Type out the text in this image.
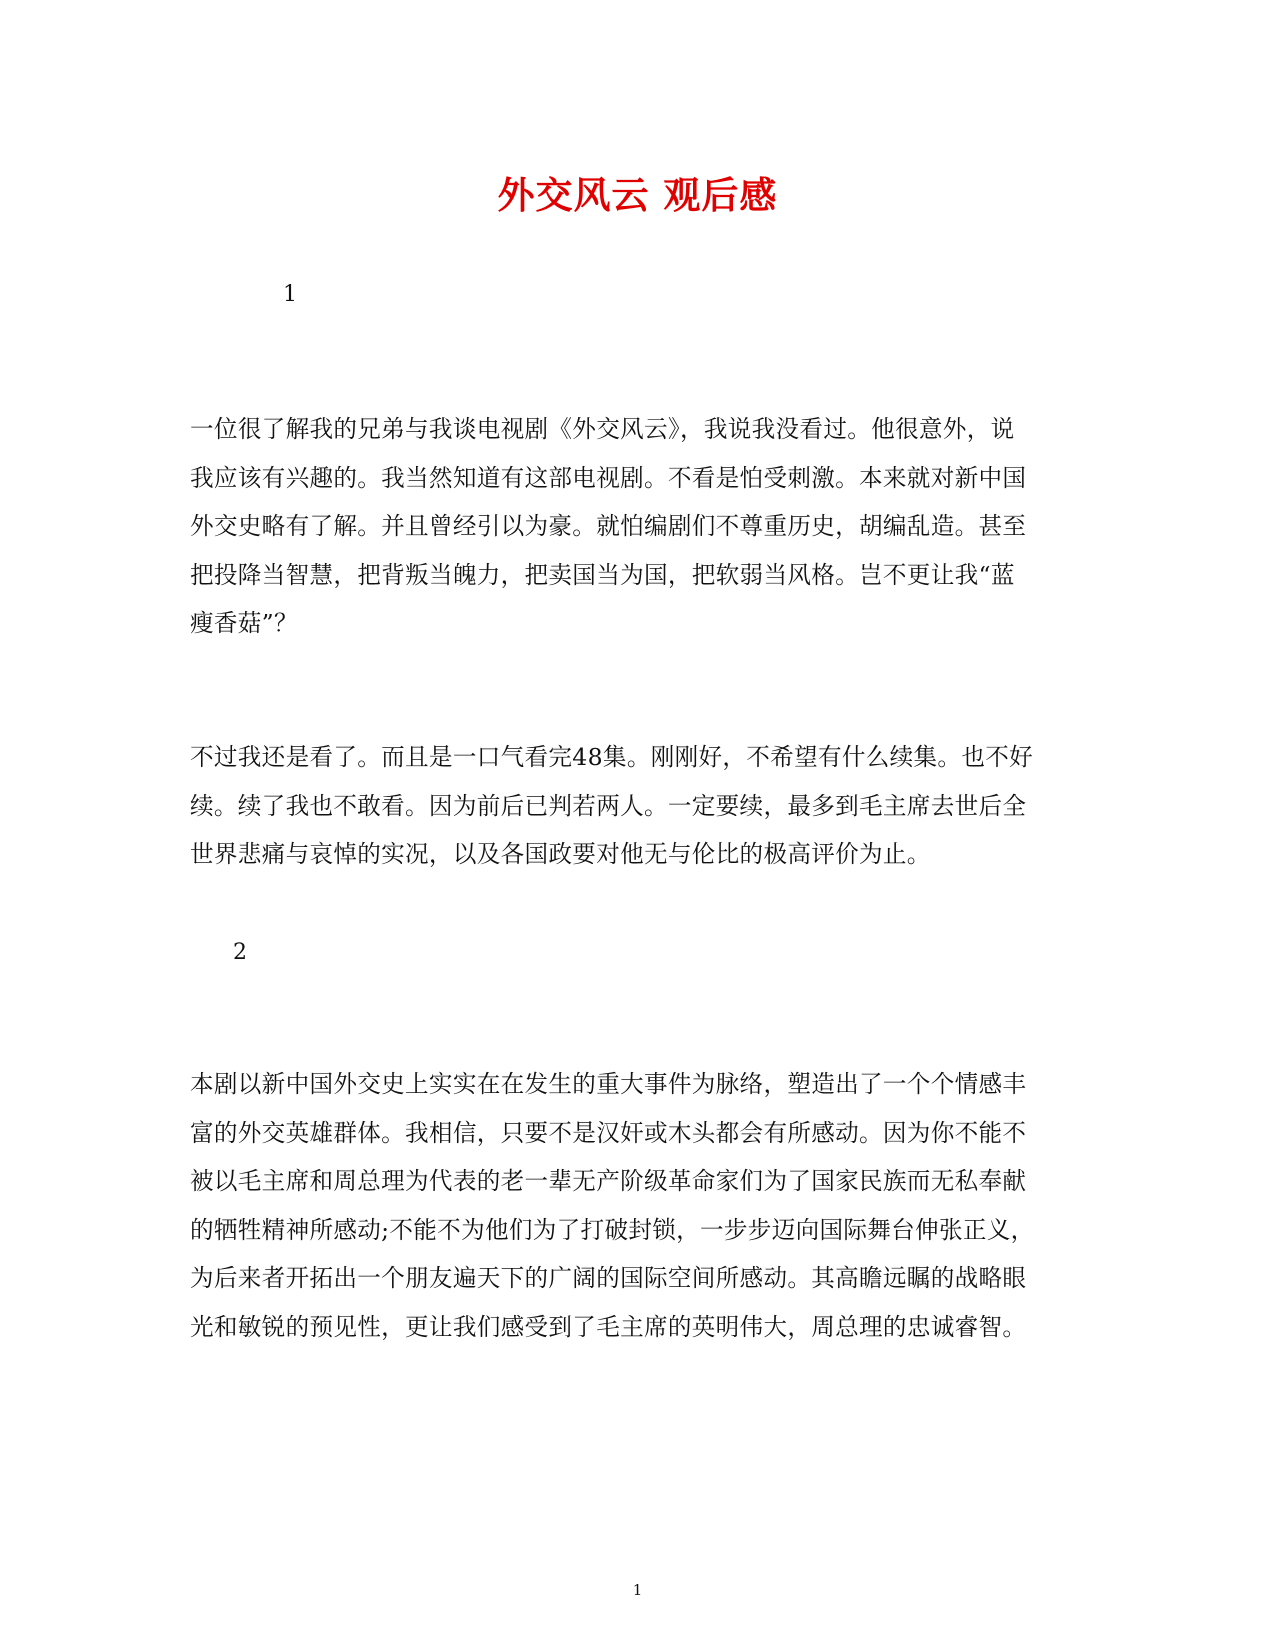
外交风云 观后感
1

一位很了解我的兄弟与我谈电视剧《外交风云》，我说我没看过。他很意外，说
我应该有兴趣的。我当然知道有这部电视剧。不看是怕受刺激。本来就对新中国
外交史略有了解。并且曾经引以为豪。就怕编剧们不尊重历史，胡编乱造。甚至
把投降当智慧，把背叛当魄力，把卖国当为国，把软弱当风格。岂不更让我“蓝
瘦香菇”？

不过我还是看了。而且是一口气看完48集。刚刚好，不希望有什么续集。也不好
续。续了我也不敢看。因为前后已判若两人。一定要续，最多到毛主席去世后全
世界悲痛与哀悼的实况，以及各国政要对他无与伦比的极高评价为止。

2

本剧以新中国外交史上实实在在发生的重大事件为脉络，塑造出了一个个情感丰
富的外交英雄群体。我相信，只要不是汉奸或木头都会有所感动。因为你不能不
被以毛主席和周总理为代表的老一辈无产阶级革命家们为了国家民族而无私奉献
的牺牲精神所感动;不能不为他们为了打破封锁，一步步迈向国际舞台伸张正义，
为后来者开拓出一个朋友遍天下的广阔的国际空间所感动。其高瞻远瞩的战略眼
光和敏锐的预见性，更让我们感受到了毛主席的英明伟大，周总理的忠诚睿智。

1
